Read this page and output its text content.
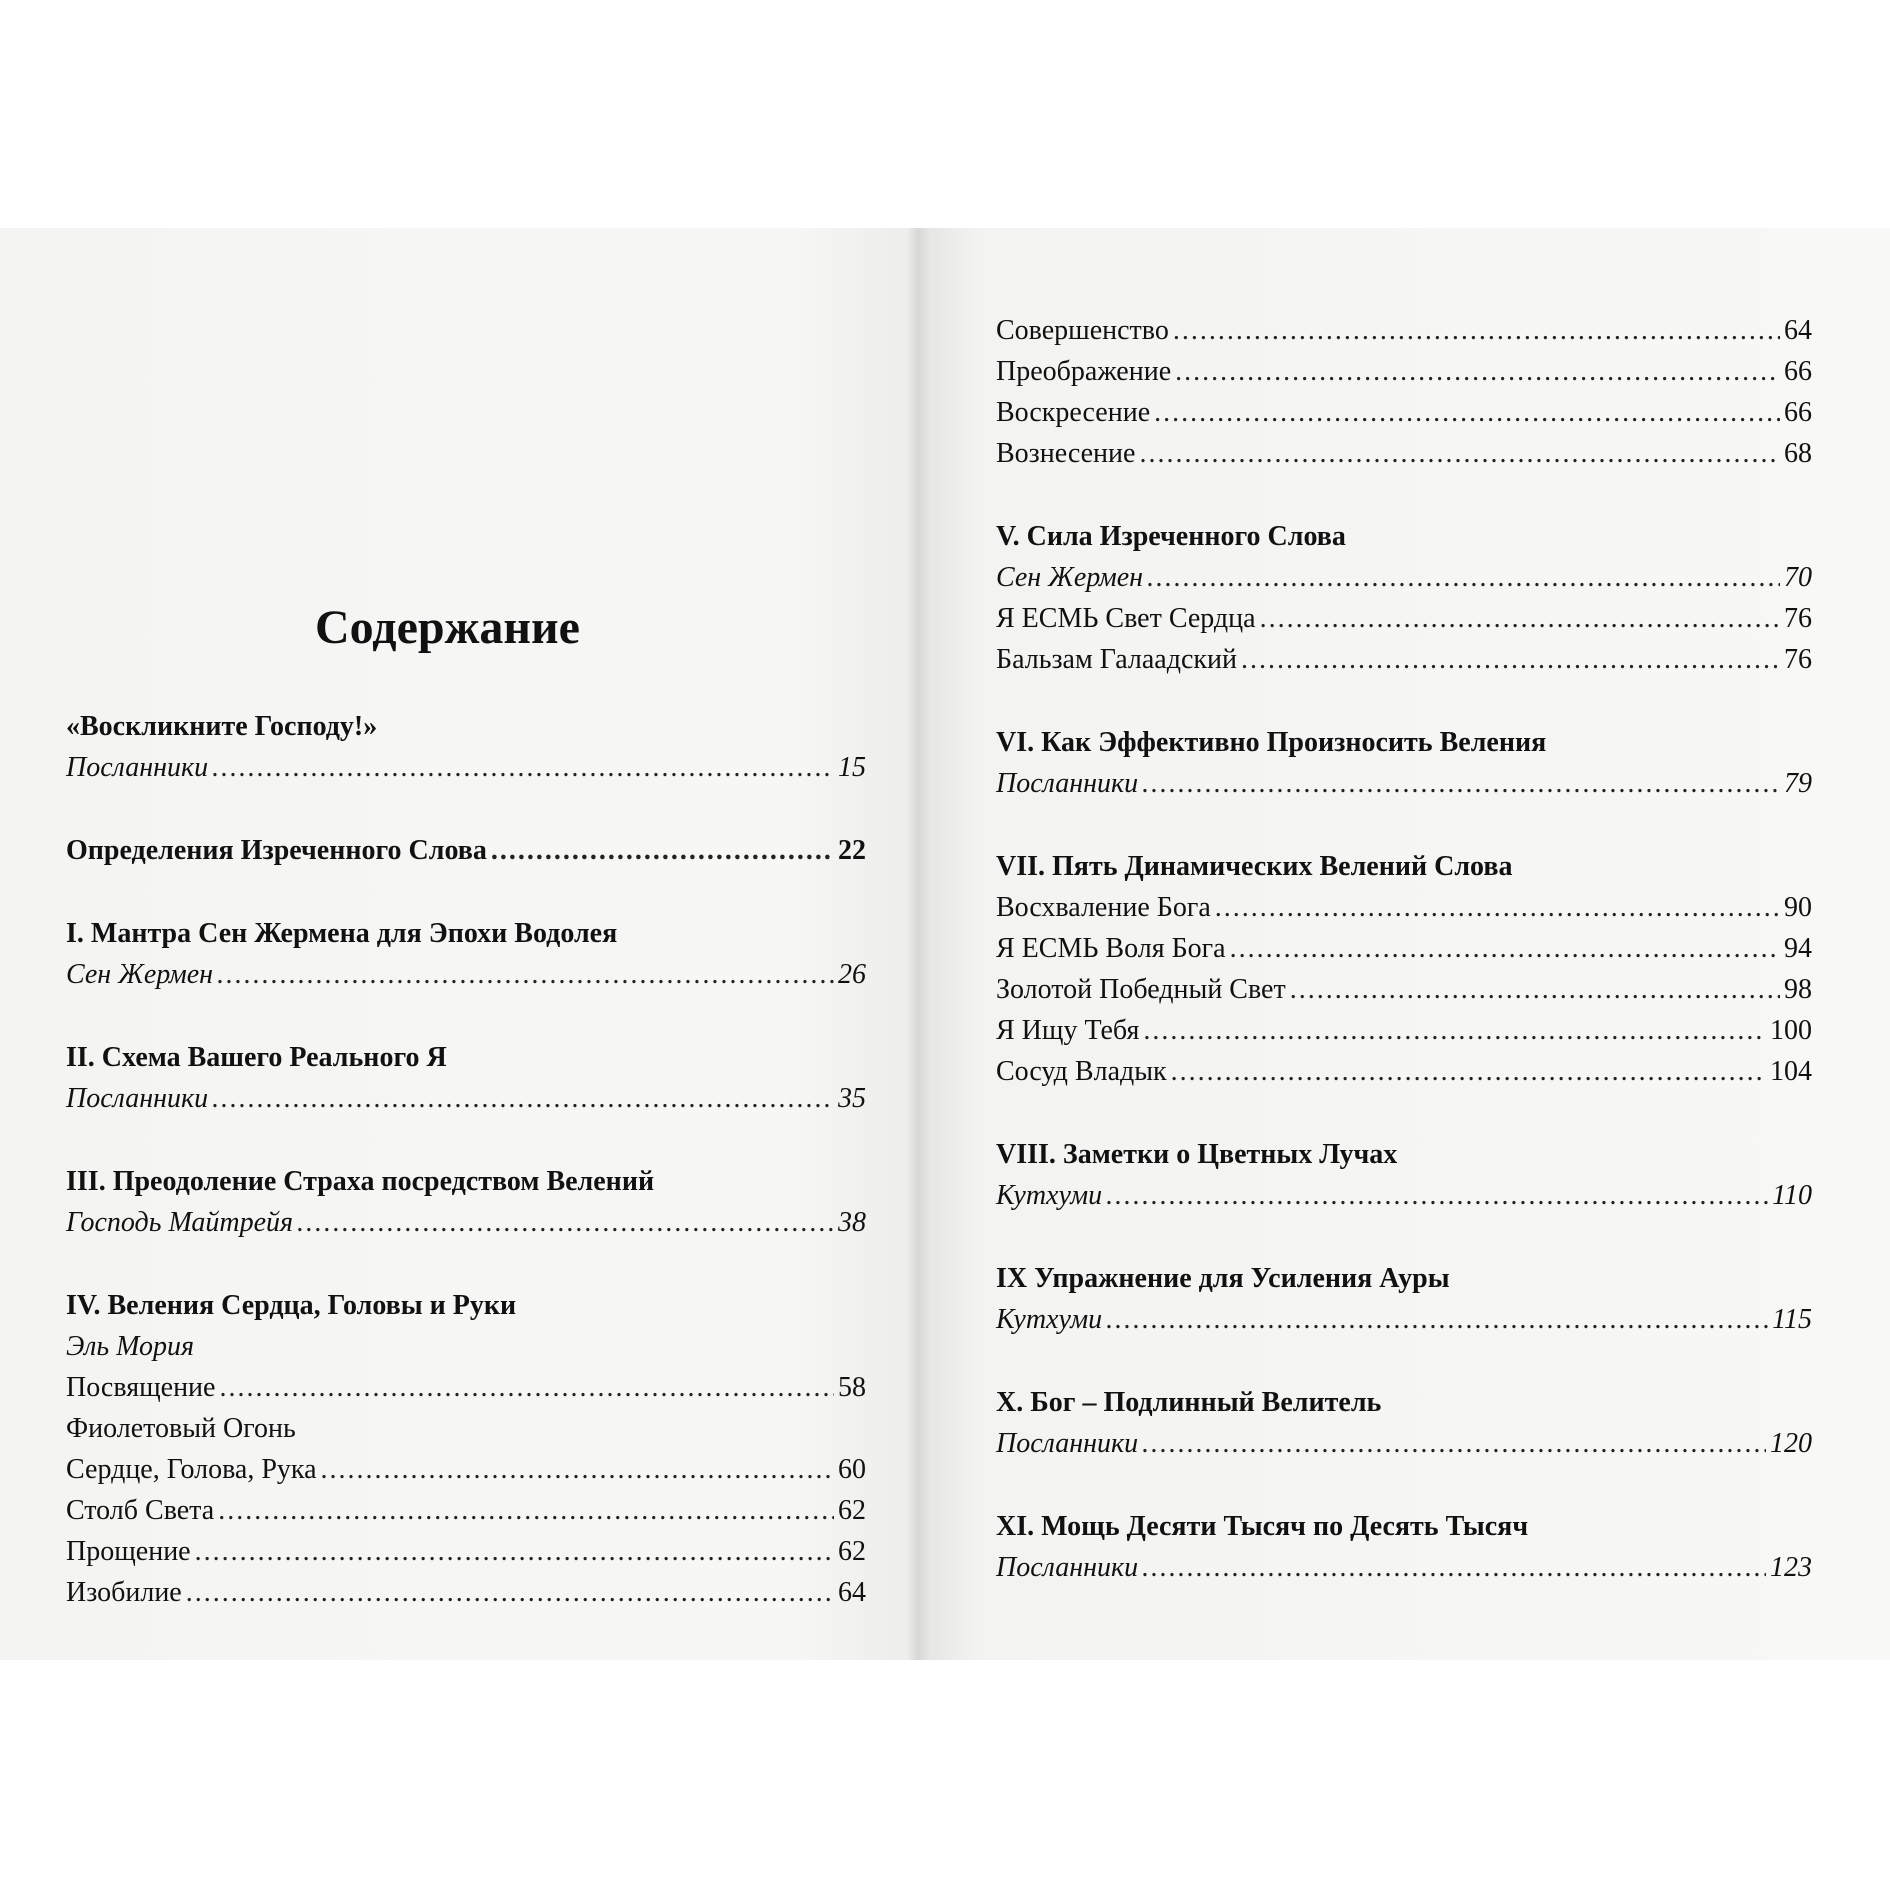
Содержание
«Воскликните Господу!»
Посланники .....	15
Определения Изреченного Слова .....	22
I. Мантра Сен Жермена для Эпохи Водолея
Сен Жермен .....	26
II. Схема Вашего Реального Я
Посланники .....	35
III. Преодоление Страха посредством Велений
Господь Майтрейя .....	38
IV. Веления Сердца, Головы и Руки
Эль Мория
Посвящение .....	58
Фиолетовый Огонь
Сердце, Голова, Рука .....	60
Столб Света .....	62
Прощение .....	62
Изобилие .....	64
Совершенство .....	64
Преображение .....	66
Воскресение .....	66
Вознесение .....	68
V. Сила Изреченного Слова
Сен Жермен .....	70
Я ЕСМЬ Свет Сердца .....	76
Бальзам Галаадский .....	76
VI. Как Эффективно Произносить Веления
Посланники .....	79
VII. Пять Динамических Велений Слова
Восхваление Бога .....	90
Я ЕСМЬ Воля Бога .....	94
Золотой Победный Свет .....	98
Я Ищу Тебя .....	100
Сосуд Владык .....	104
VIII. Заметки о Цветных Лучах
Кутхуми .....	110
IX Упражнение для Усиления Ауры
Кутхуми .....	115
X. Бог – Подлинный Велитель
Посланники .....	120
XI. Мощь Десяти Тысяч по Десять Тысяч
Посланники .....	123
